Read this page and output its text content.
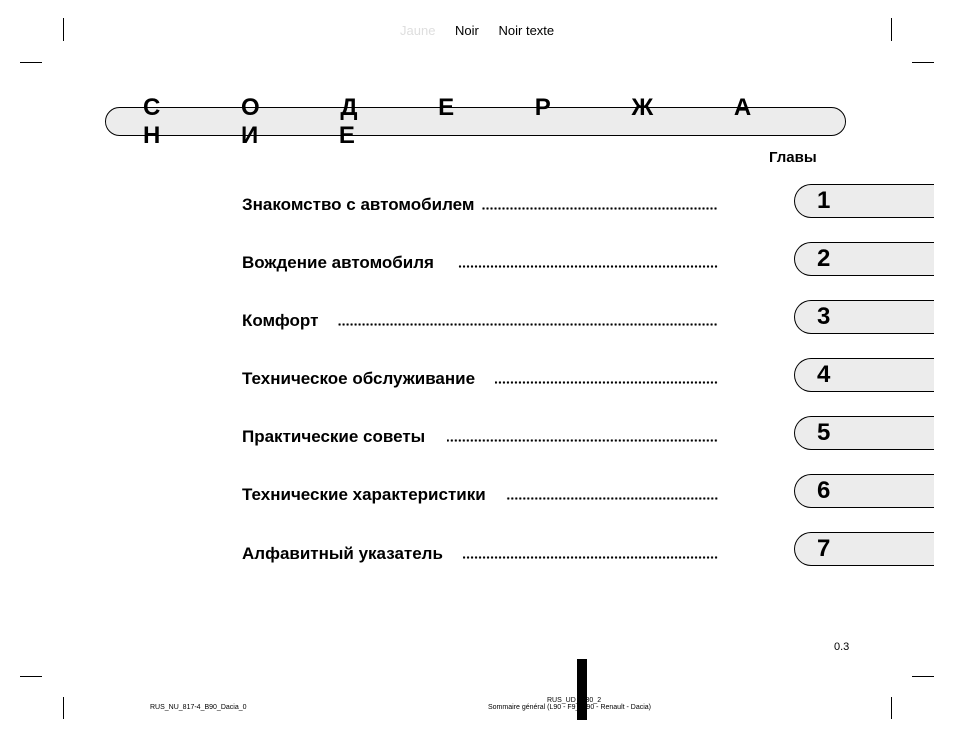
Jaune Noir Noir texte
С О Д Е Р Ж А Н И Е
Главы
Знакомство с автомобилем
Вождение автомобиля
Комфорт
Техническое обслуживание
Практические советы
Технические характеристики
Алфавитный указатель
1
2
3
4
5
6
7
0.3
RUS_NU_817-4_B90_Dacia_0
RUS_UD_ _30_2
Sommaire général (L90 - F9_ R90 - Renault - Dacia)
